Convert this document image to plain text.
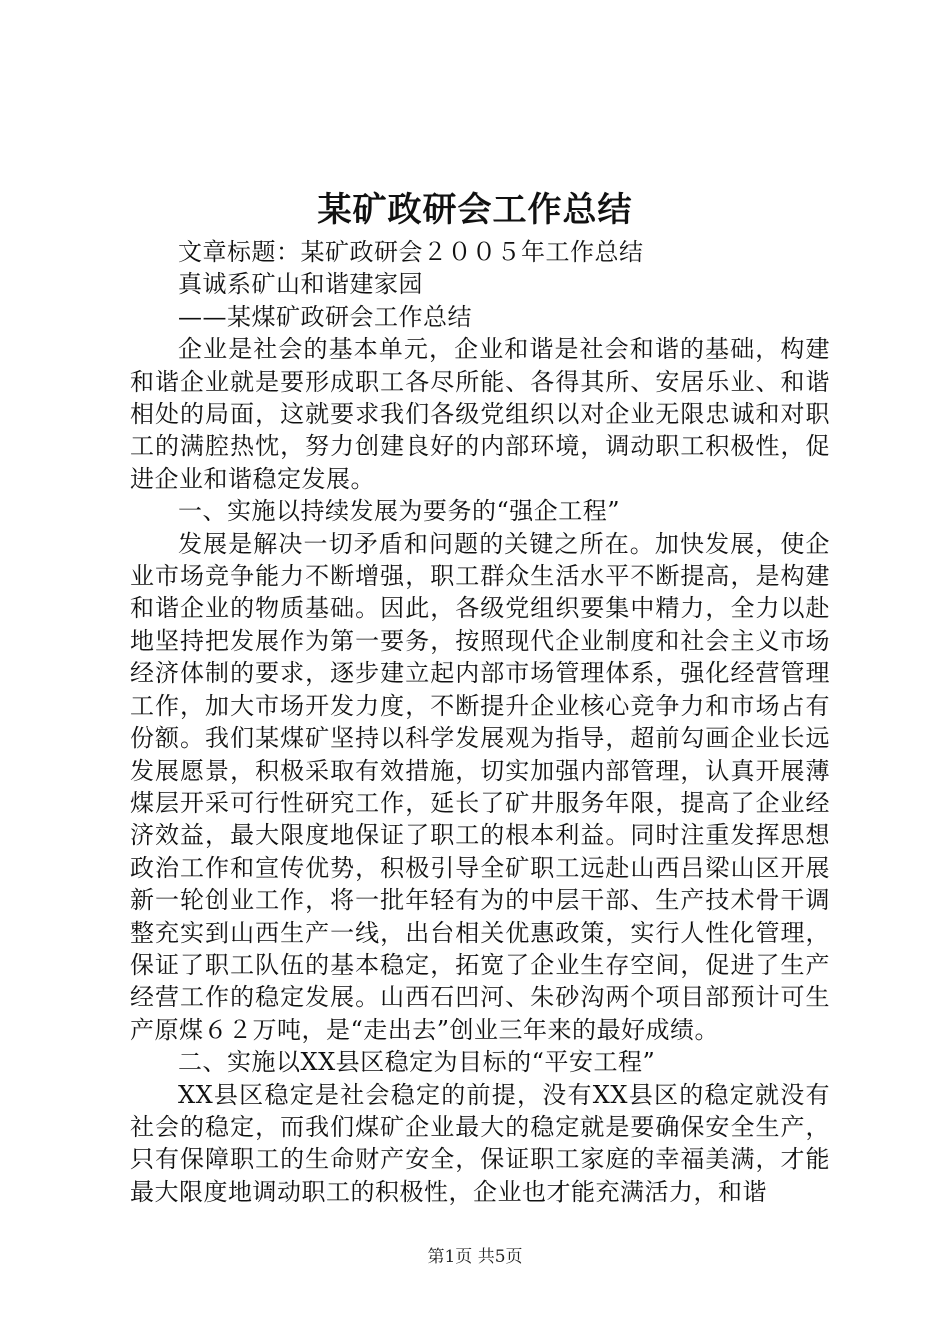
某矿政研会工作总结

文章标题：某矿政研会２００５年工作总结

真诚系矿山和谐建家园

——某煤矿政研会工作总结

企业是社会的基本单元，企业和谐是社会和谐的基础，构建和谐企业就是要形成职工各尽所能、各得其所、安居乐业、和谐相处的局面，这就要求我们各级党组织以对企业无限忠诚和对职工的满腔热忱，努力创建良好的内部环境，调动职工积极性，促进企业和谐稳定发展。

一、实施以持续发展为要务的“强企工程”

发展是解决一切矛盾和问题的关键之所在。加快发展，使企业市场竞争能力不断增强，职工群众生活水平不断提高，是构建和谐企业的物质基础。因此，各级党组织要集中精力，全力以赴地坚持把发展作为第一要务，按照现代企业制度和社会主义市场经济体制的要求，逐步建立起内部市场管理体系，强化经营管理工作，加大市场开发力度，不断提升企业核心竞争力和市场占有份额。我们某煤矿坚持以科学发展观为指导，超前勾画企业长远发展愿景，积极采取有效措施，切实加强内部管理，认真开展薄煤层开采可行性研究工作，延长了矿井服务年限，提高了企业经济效益，最大限度地保证了职工的根本利益。同时注重发挥思想政治工作和宣传优势，积极引导全矿职工远赴山西吕梁山区开展新一轮创业工作，将一批年轻有为的中层干部、生产技术骨干调整充实到山西生产一线，出台相关优惠政策，实行人性化管理，保证了职工队伍的基本稳定，拓宽了企业生存空间，促进了生产经营工作的稳定发展。山西石凹河、朱砂沟两个项目部预计可生产原煤６２万吨，是“走出去”创业三年来的最好成绩。

二、实施以XX县区稳定为目标的“平安工程”

XX县区稳定是社会稳定的前提，没有XX县区的稳定就没有社会的稳定，而我们煤矿企业最大的稳定就是要确保安全生产，只有保障职工的生命财产安全，保证职工家庭的幸福美满，才能最大限度地调动职工的积极性，企业也才能充满活力，和谐

第1页 共5页
